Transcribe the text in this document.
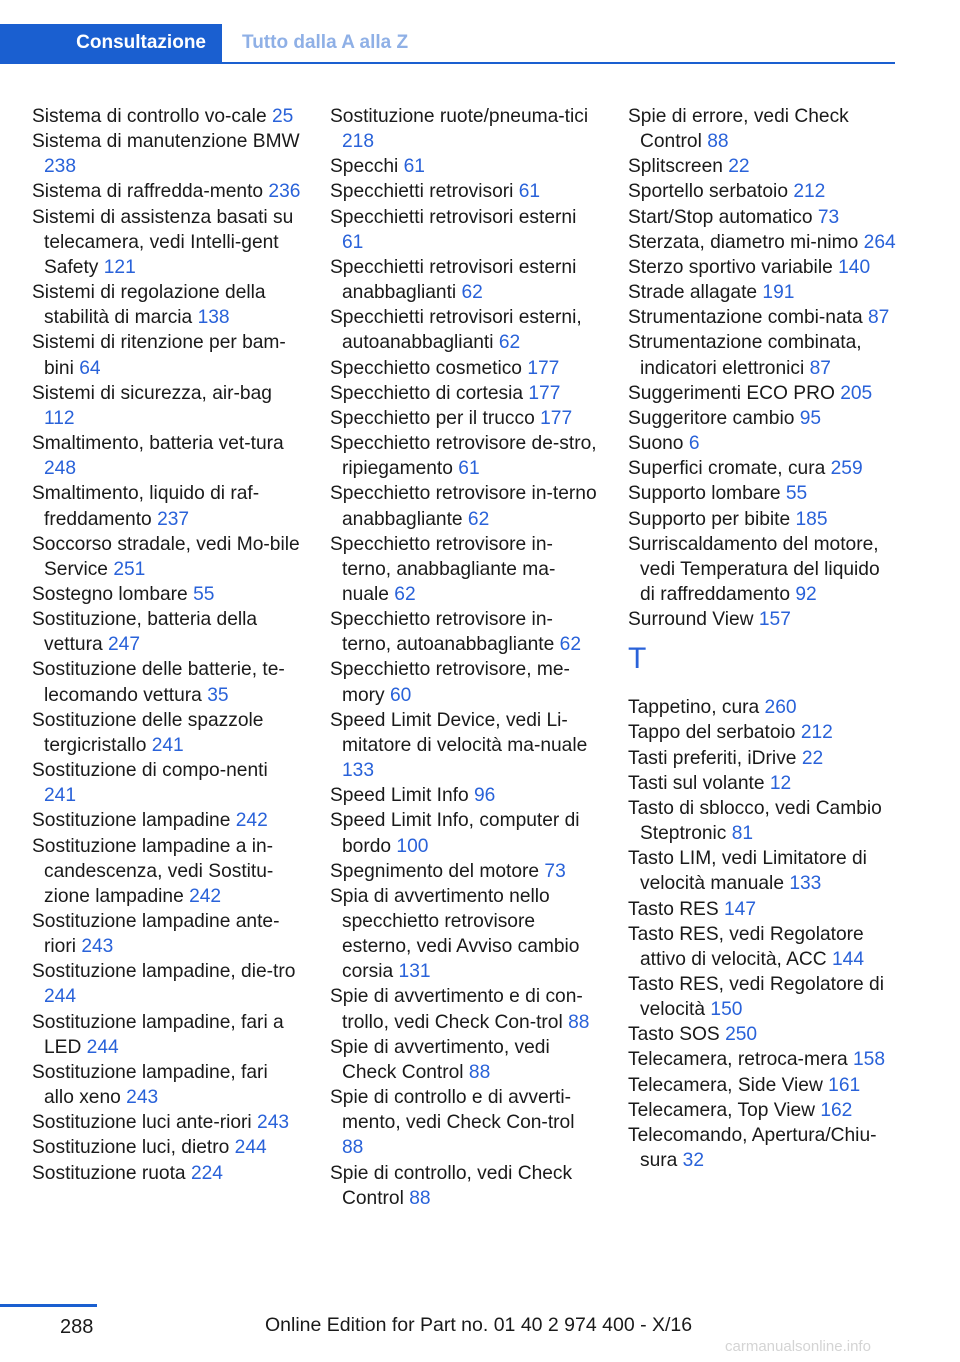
Consultazione	Tutto dalla A alla Z

Sistema di controllo vo-cale 25

Sistema di manutenzione BMW 238

Sistema di raffredda-mento 236

Sistemi di assistenza basati su telecamera, vedi Intelli-gent Safety 121

Sistemi di regolazione della stabilità di marcia 138

Sistemi di ritenzione per bam-bini 64

Sistemi di sicurezza, air-bag 112

Smaltimento, batteria vet-tura 248

Smaltimento, liquido di raf-freddamento 237

Soccorso stradale, vedi Mo-bile Service 251

Sostegno lombare 55

Sostituzione, batteria della vettura 247

Sostituzione delle batterie, te-lecomando vettura 35

Sostituzione delle spazzole tergicristallo 241

Sostituzione di compo-nenti 241

Sostituzione lampadine 242

Sostituzione lampadine a in-candescenza, vedi Sostitu-zione lampadine 242

Sostituzione lampadine ante-riori 243

Sostituzione lampadine, die-tro 244

Sostituzione lampadine, fari a LED 244

Sostituzione lampadine, fari allo xeno 243

Sostituzione luci ante-riori 243

Sostituzione luci, dietro 244

Sostituzione ruota 224

Sostituzione ruote/pneuma-tici 218

Specchi 61

Specchietti retrovisori 61

Specchietti retrovisori esterni 61

Specchietti retrovisori esterni anabbaglianti 62

Specchietti retrovisori esterni, autoanabbaglianti 62

Specchietto cosmetico 177

Specchietto di cortesia 177

Specchietto per il trucco 177

Specchietto retrovisore de-stro, ripiegamento 61

Specchietto retrovisore in-terno anabbagliante 62

Specchietto retrovisore in-terno, anabbagliante ma-nuale 62

Specchietto retrovisore in-terno, autoanabbagliante 62

Specchietto retrovisore, me-mory 60

Speed Limit Device, vedi Li-mitatore di velocità ma-nuale 133

Speed Limit Info 96

Speed Limit Info, computer di bordo 100

Spegnimento del motore 73

Spia di avvertimento nello specchietto retrovisore esterno, vedi Avviso cambio corsia 131

Spie di avvertimento e di con-trollo, vedi Check Con-trol 88

Spie di avvertimento, vedi Check Control 88

Spie di controllo e di avverti-mento, vedi Check Con-trol 88

Spie di controllo, vedi Check Control 88

Spie di errore, vedi Check Control 88

Splitscreen 22

Sportello serbatoio 212

Start/Stop automatico 73

Sterzata, diametro mi-nimo 264

Sterzo sportivo variabile 140

Strade allagate 191

Strumentazione combi-nata 87

Strumentazione combinata, indicatori elettronici 87

Suggerimenti ECO PRO 205

Suggeritore cambio 95

Suono 6

Superfici cromate, cura 259

Supporto lombare 55

Supporto per bibite 185

Surriscaldamento del motore, vedi Temperatura del liquido di raffreddamento 92

Surround View 157

T

Tappetino, cura 260

Tappo del serbatoio 212

Tasti preferiti, iDrive 22

Tasti sul volante 12

Tasto di sblocco, vedi Cambio Steptronic 81

Tasto LIM, vedi Limitatore di velocità manuale 133

Tasto RES 147

Tasto RES, vedi Regolatore attivo di velocità, ACC 144

Tasto RES, vedi Regolatore di velocità 150

Tasto SOS 250

Telecamera, retroca-mera 158

Telecamera, Side View 161

Telecamera, Top View 162

Telecomando, Apertura/Chiu-sura 32

288	Online Edition for Part no. 01 40 2 974 400 - X/16
carmanualsonline.info
